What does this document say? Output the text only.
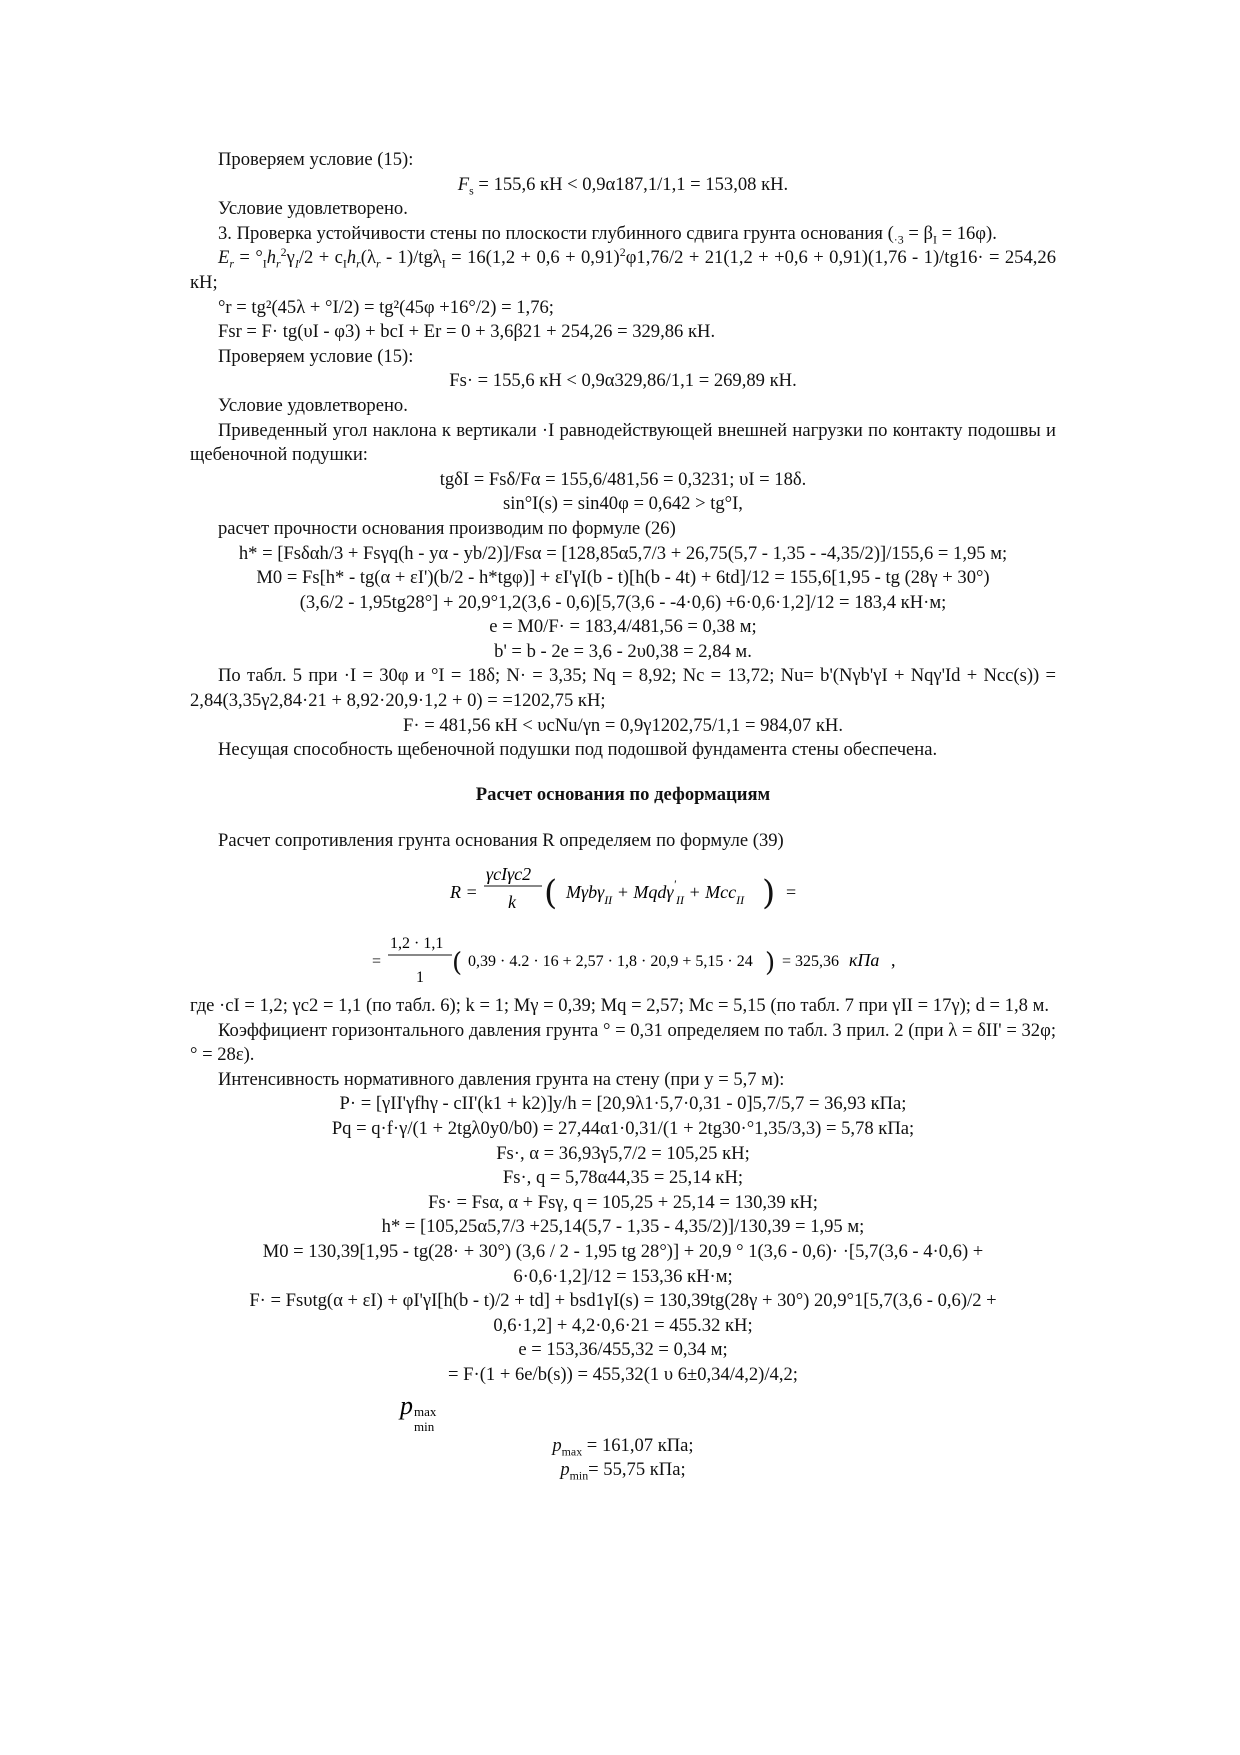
Проверяем условие (15):

$F_s = 155,6$ кН < 0,9α187,1/1,1 = 153,08 кН.

Условие удовлетворено.

3. Проверка устойчивости стены по плоскости глубинного сдвига грунта основания $(_{\cdot 3} = \beta_I = 16\varphi)$.

$E_r = ^\circ_Ih_r^2\gamma_I/2 + c_Ih_r(\lambda_r - 1)/tg\lambda_I = 16(1,2 + 0,6 + 0,91)^2\varphi 1,76/2 + 21(1,2 + +0,6 + 0,91)(1,76 - 1)/tg16\cdot = 254,26$ кН;

°r = tg²(45λ + °I/2) = tg²(45φ +16°/2) = 1,76;

Fsr = F· tg(υI - φ3) + bcI + Er = 0 + 3,6β21 + 254,26 = 329,86 кН.

Проверяем условие (15):

Fs· = 155,6 кН < 0,9α329,86/1,1 = 269,89 кН.

Условие удовлетворено.

Приведенный угол наклона к вертикали ·I равнодействующей внешней нагрузки по контакту подошвы и щебеночной подушки:

tgδI = Fsδ/Fα = 155,6/481,56 = 0,3231; υI = 18δ.

sin°I(s) = sin40φ = 0,642 > tg°I,

расчет прочности основания производим по формуле (26)

h* = [Fsδαh/3 + Fsγq(h - yα - yb/2)]/Fsα = [128,85α5,7/3 + 26,75(5,7 - 1,35 - -4,35/2)]/155,6 = 1,95 м;

M0 = Fs[h* - tg(α + εI')(b/2 - h*tgφ)] + εI'γI(b - t)[h(b - 4t) + 6td]/12 = 155,6[1,95 - tg (28γ + 30°)

(3,6/2 - 1,95tg28°] + 20,9°1,2(3,6 - 0,6)[5,7(3,6 - -4·0,6) +6·0,6·1,2]/12 = 183,4 кН·м;

e = M0/F· = 183,4/481,56 = 0,38 м;

b' = b - 2e = 3,6 - 2υ0,38 = 2,84 м.

По табл. 5 при ·I = 30φ и °I = 18δ; N· = 3,35; Nq = 8,92; Nc = 13,72; Nu= b'(Nγb'γI + Nqγ'Id + Ncc(s)) = 2,84(3,35γ2,84·21 + 8,92·20,9·1,2 + 0) = =1202,75 кН;

F· = 481,56 кН < υcNu/γn = 0,9γ1202,75/1,1 = 984,07 кН.

Несущая способность щебеночной подушки под подошвой фундамента стены обеспечена.

Расчет основания по деформациям

Расчет сопротивления грунта основания R определяем по формуле (39)

R =
γcIγc2
k ( Mγbγ$_{II}$ + Mqdγ'$_{II}$ + Mcc$_{II}$ ) =
=
1,2 · 1,1
1 ( 0,39 · 4.2 · 16 + 2,57 · 1,8 · 20,9 + 5,15 · 24 ) = 325,36 кПа ,

где ·cI = 1,2; γc2 = 1,1 (по табл. 6); k = 1; Mγ = 0,39; Mq = 2,57; Mc = 5,15 (по табл. 7 при γII = 17γ); d = 1,8 м.

Коэффициент горизонтального давления грунта ° = 0,31 определяем по табл. 3 прил. 2 (при λ = δII' = 32φ; ° = 28ε).

Интенсивность нормативного давления грунта на стену (при y = 5,7 м):

P· = [γII'γfhγ - cII'(k1 + k2)]y/h = [20,9λ1·5,7·0,31 - 0]5,7/5,7 = 36,93 кПа;

Pq = q·f·γ/(1 + 2tgλ0y0/b0) = 27,44α1·0,31/(1 + 2tg30·°1,35/3,3) = 5,78 кПа;

Fs·, α = 36,93γ5,7/2 = 105,25 кН;

Fs·, q = 5,78α44,35 = 25,14 кН;

Fs· = Fsα, α + Fsγ, q = 105,25 + 25,14 = 130,39 кН;

h* = [105,25α5,7/3 +25,14(5,7 - 1,35 - 4,35/2)]/130,39 = 1,95 м;

M0 = 130,39[1,95 - tg(28· + 30°) (3,6 / 2 - 1,95 tg 28°)] + 20,9 ° 1(3,6 - 0,6)· ·[5,7(3,6 - 4·0,6) +

6·0,6·1,2]/12 = 153,36 кН·м;

F· = Fsυtg(α + εI) + φI'γI[h(b - t)/2 + td] + bsd1γI(s) = 130,39tg(28γ + 30°) 20,9°1[5,7(3,6 - 0,6)/2 +

0,6·1,2] + 4,2·0,6·21 = 455.32 кН;

e = 153,36/455,32 = 0,34 м;

= F·(1 + 6e/b(s)) = 455,32(1 υ 6±0,34/4,2)/4,2;

p max
min

$p_{max} = 161,07$ кПа;

$p_{min}= 55,75$ кПа;
